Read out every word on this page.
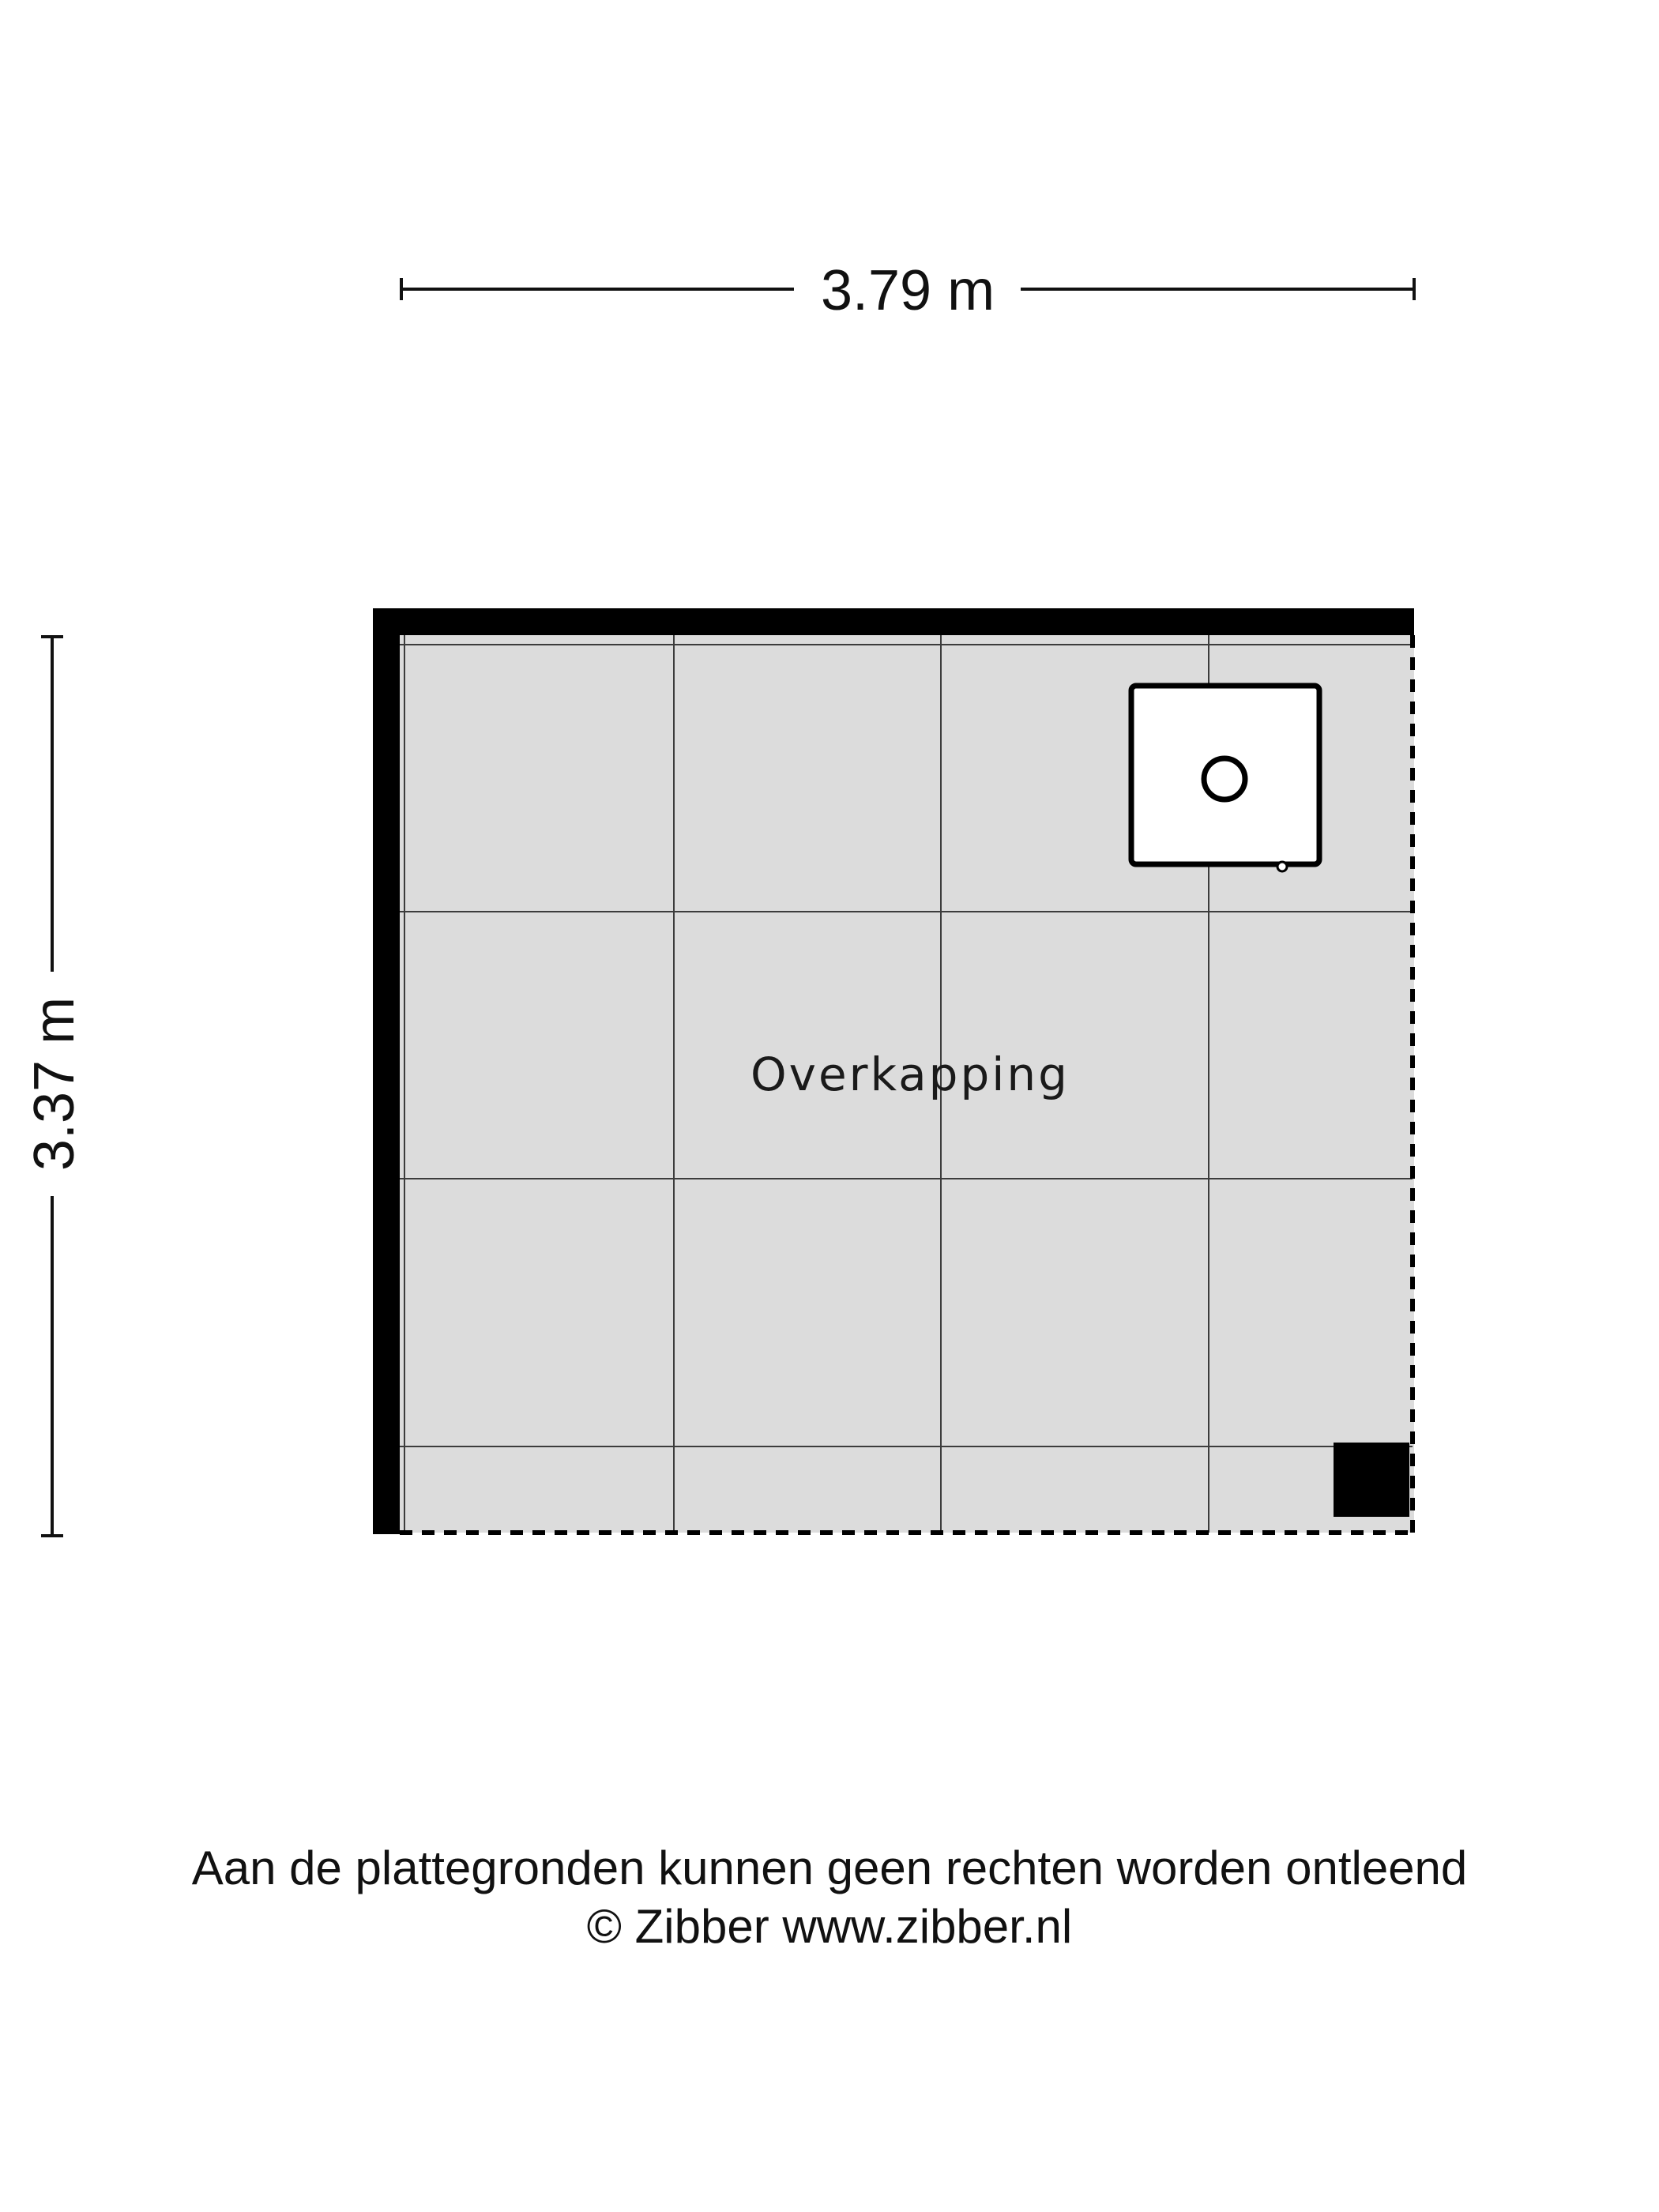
3.79 m
3.37 m	Overkapping
Aan de plattegronden kunnen geen rechten worden ontleend
© Zibber www.zibber.nl
